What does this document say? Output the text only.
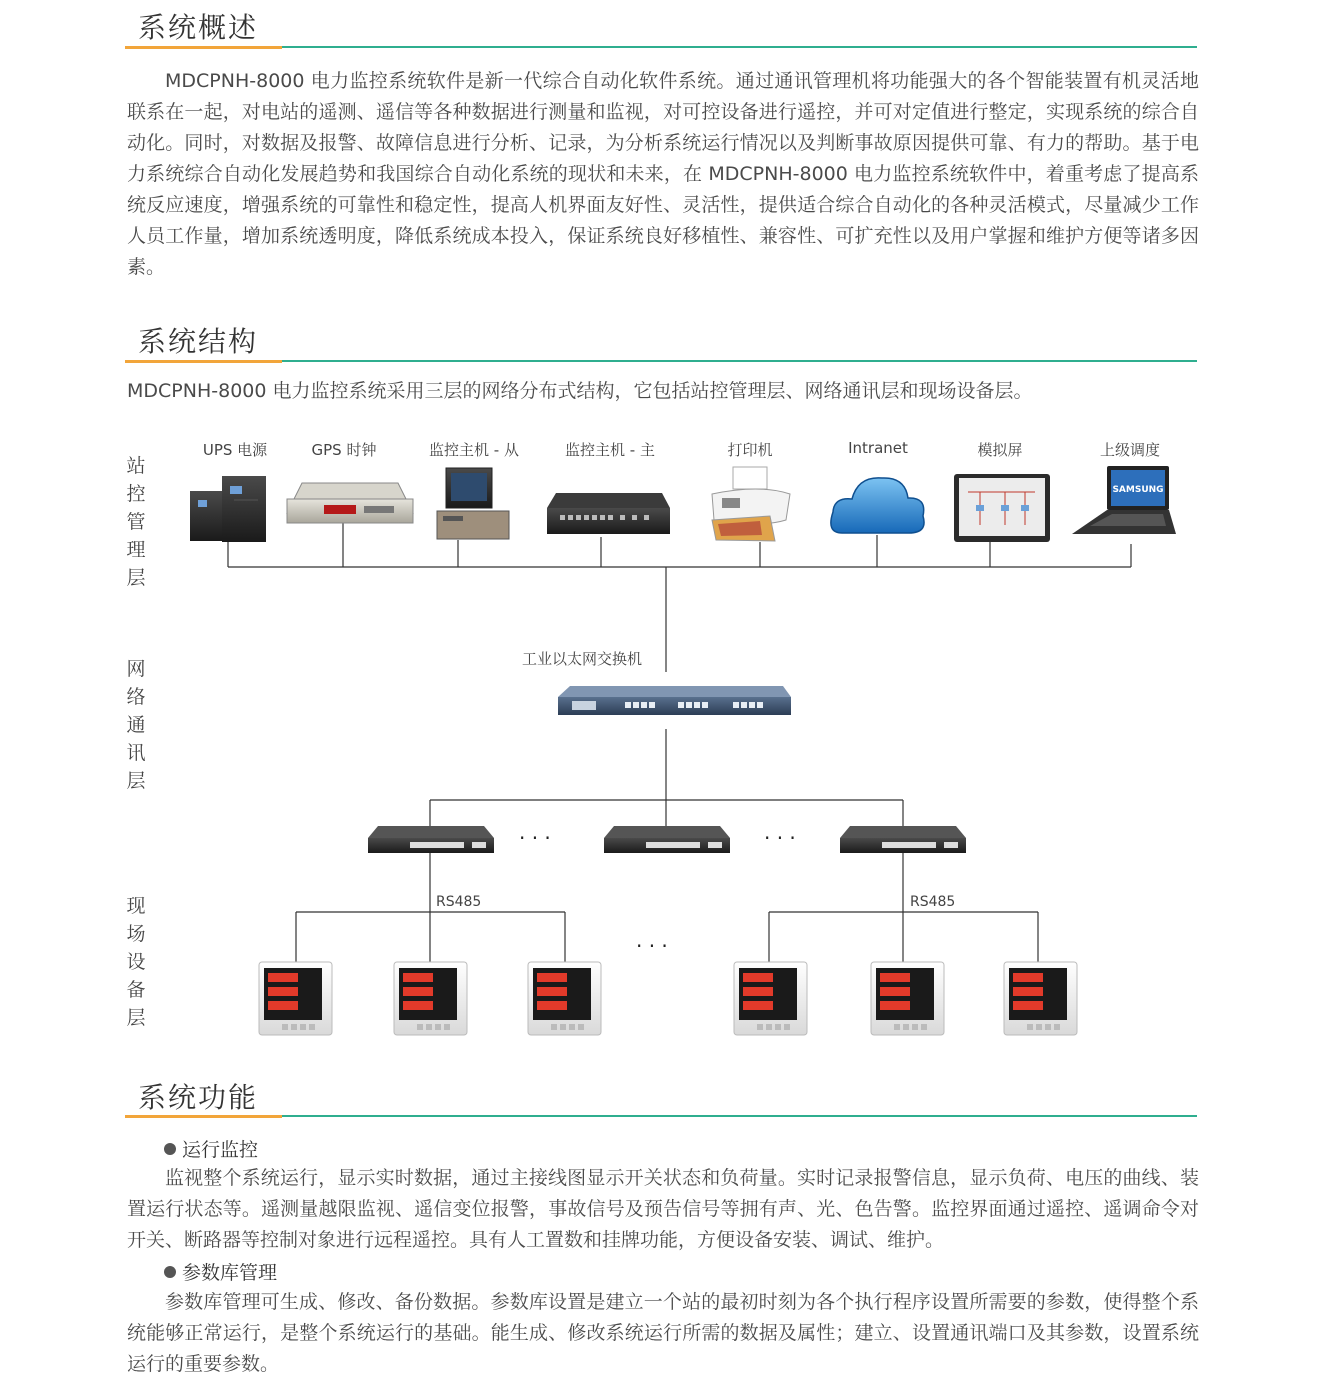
系统概述

MDCPNH-8000 电力监控系统软件是新一代综合自动化软件系统。通过通讯管理机将功能强大的各个智能装置有机灵活地联系在一起，对电站的遥测、遥信等各种数据进行测量和监视，对可控设备进行遥控，并可对定值进行整定，实现系统的综合自动化。同时，对数据及报警、故障信息进行分析、记录，为分析系统运行情况以及判断事故原因提供可靠、有力的帮助。基于电力系统综合自动化发展趋势和我国综合自动化系统的现状和未来，在 MDCPNH-8000 电力监控系统软件中，着重考虑了提高系统反应速度，增强系统的可靠性和稳定性，提高人机界面友好性、灵活性，提供适合综合自动化的各种灵活模式，尽量减少工作人员工作量，增加系统透明度，降低系统成本投入，保证系统良好移植性、兼容性、可扩充性以及用户掌握和维护方便等诸多因素。

系统结构

MDCPNH-8000 电力监控系统采用三层的网络分布式结构，它包括站控管理层、网络通讯层和现场设备层。

站控管理层
网络通讯层
现场设备层
UPS 电源	GPS 时钟	监控主机 - 从	监控主机 - 主	打印机	Intranet	模拟屏	上级调度
工业以太网交换机
RS485	RS485
· · ·	· · ·
· · ·
SAMSUNG
系统功能
运行监控

监视整个系统运行，显示实时数据，通过主接线图显示开关状态和负荷量。实时记录报警信息，显示负荷、电压的曲线、装置运行状态等。遥测量越限监视、遥信变位报警，事故信号及预告信号等拥有声、光、色告警。监控界面通过遥控、遥调命令对开关、断路器等控制对象进行远程遥控。具有人工置数和挂牌功能，方便设备安装、调试、维护。

参数库管理

参数库管理可生成、修改、备份数据。参数库设置是建立一个站的最初时刻为各个执行程序设置所需要的参数，使得整个系统能够正常运行，是整个系统运行的基础。能生成、修改系统运行所需的数据及属性；建立、设置通讯端口及其参数，设置系统运行的重要参数。
